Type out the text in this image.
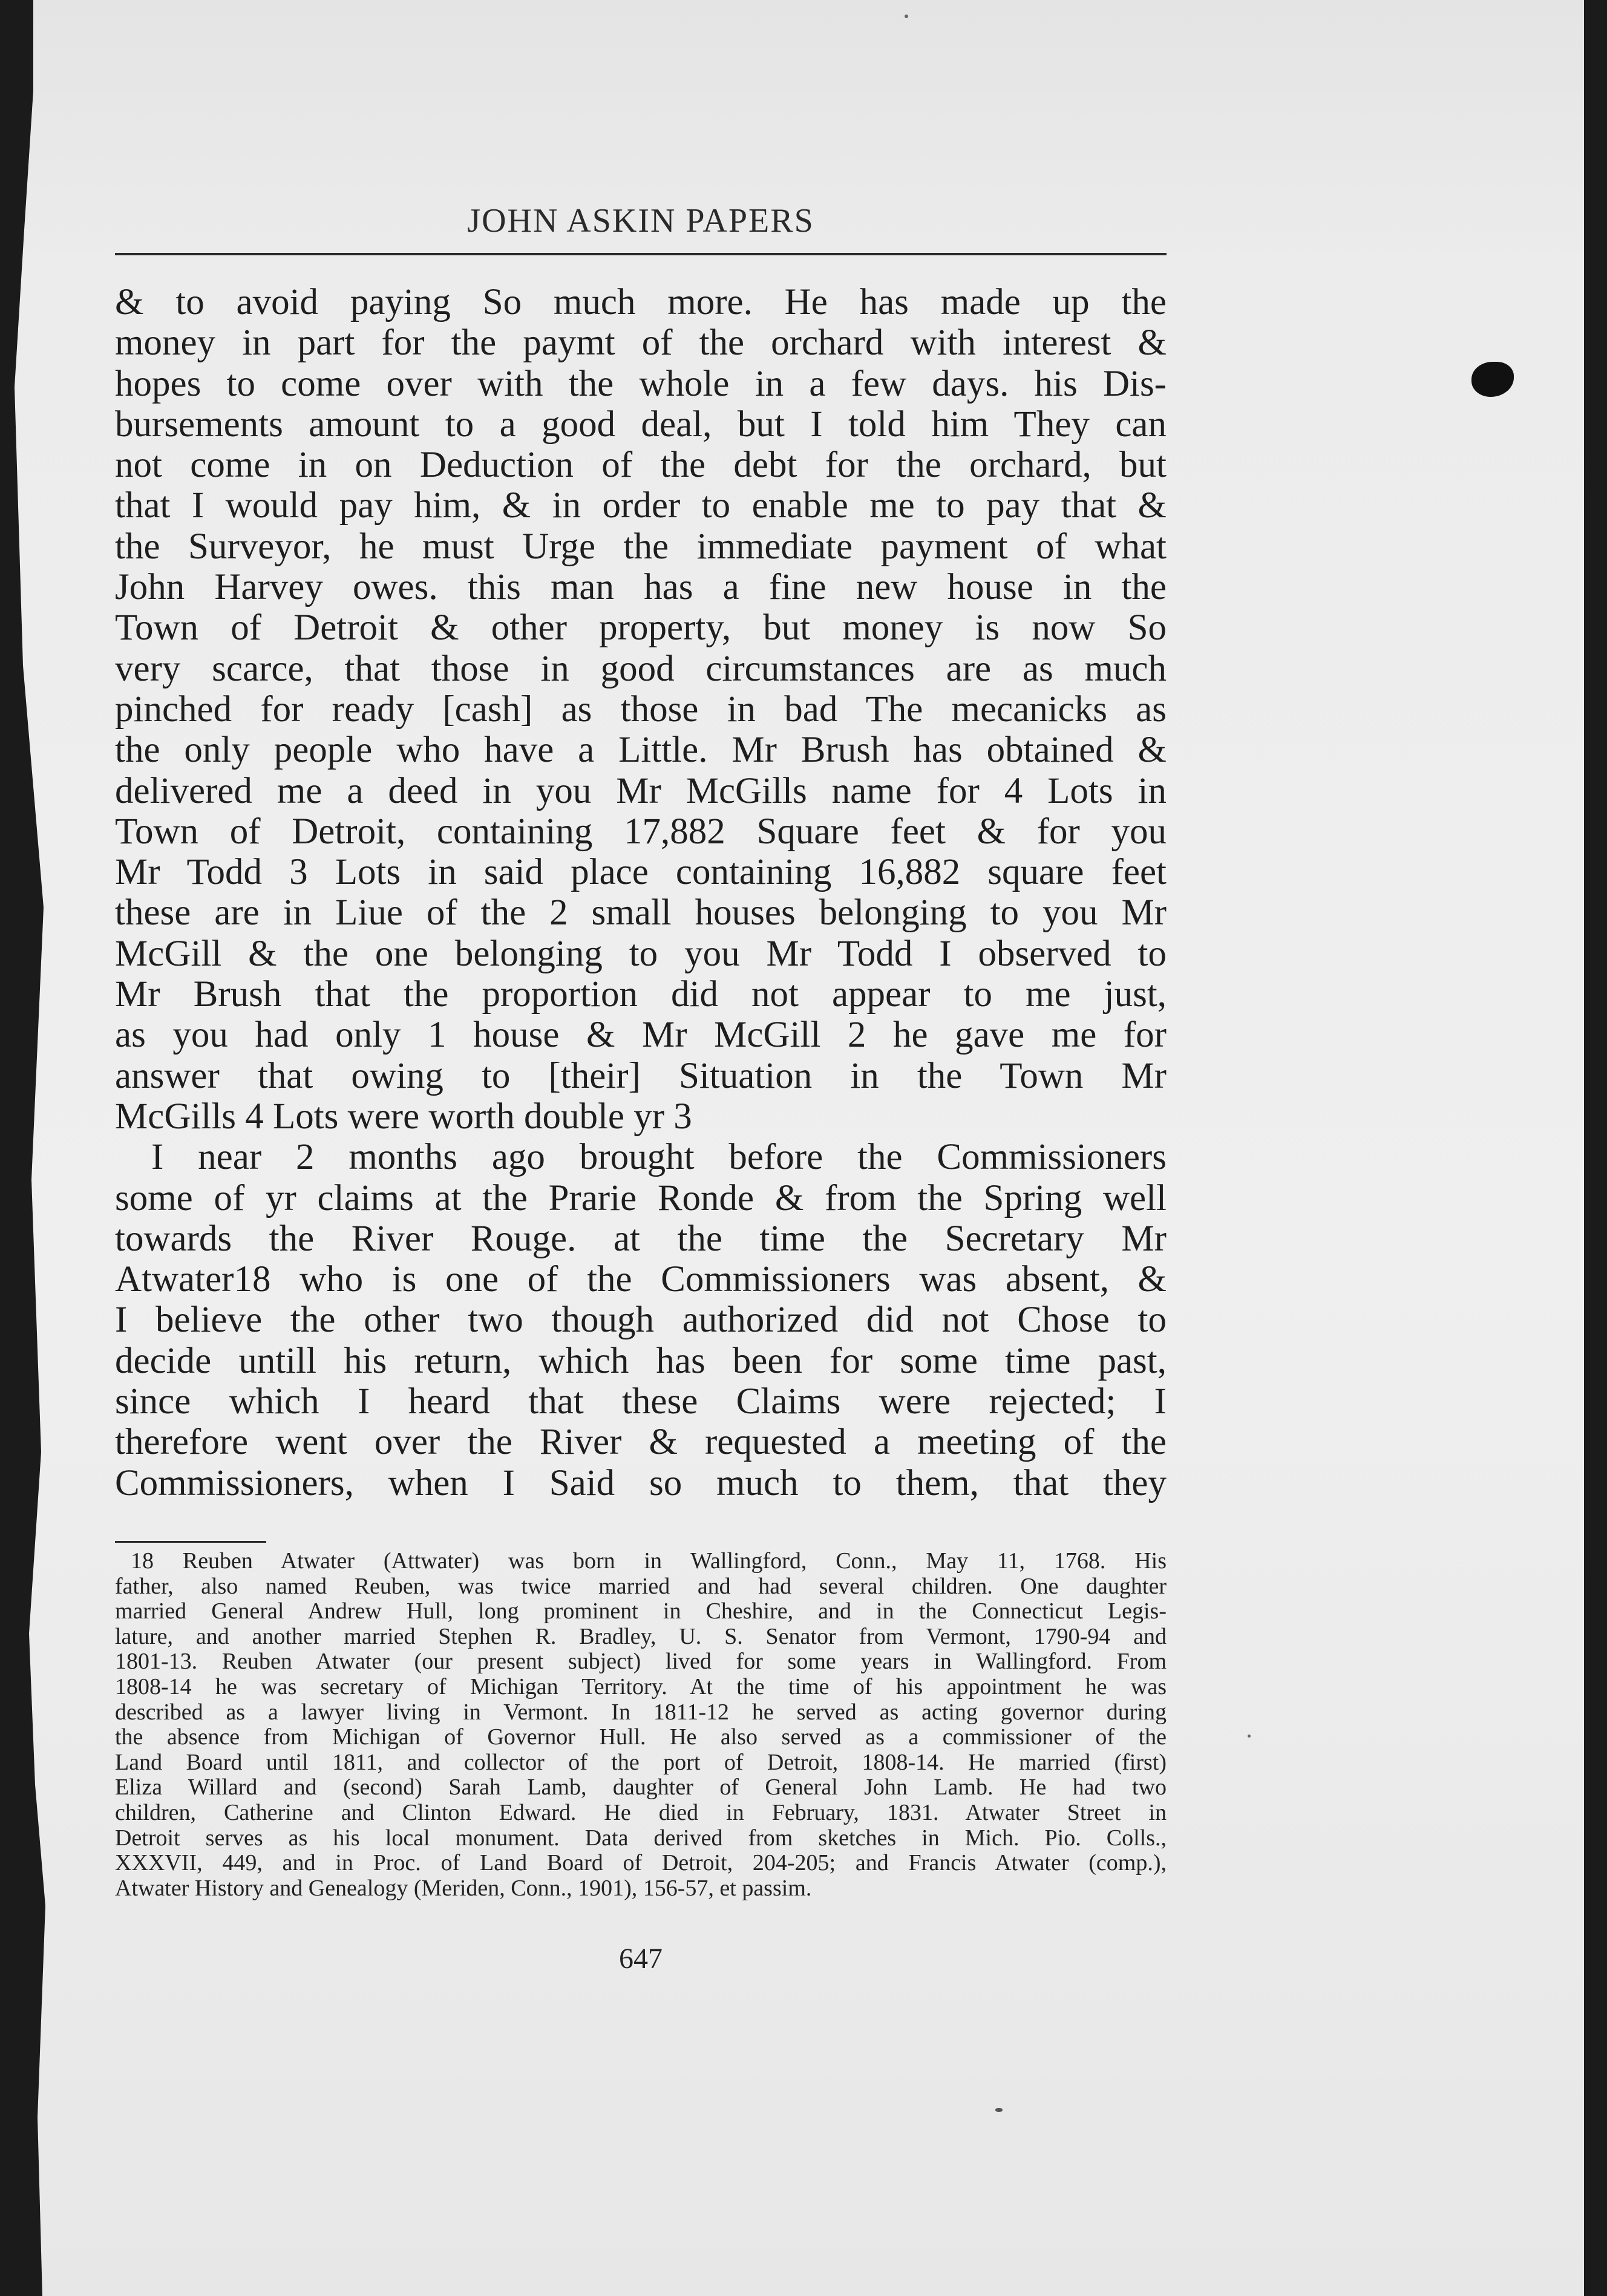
JOHN ASKIN PAPERS
& to avoid paying So much more. He has made up the
money in part for the paymt of the orchard with interest &
hopes to come over with the whole in a few days. his Dis-
bursements amount to a good deal, but I told him They can
not come in on Deduction of the debt for the orchard, but
that I would pay him, & in order to enable me to pay that &
the Surveyor, he must Urge the immediate payment of what
John Harvey owes. this man has a fine new house in the
Town of Detroit & other property, but money is now So
very scarce, that those in good circumstances are as much
pinched for ready [cash] as those in bad The mecanicks as
the only people who have a Little. Mr Brush has obtained &
delivered me a deed in you Mr McGills name for 4 Lots in
Town of Detroit, containing 17,882 Square feet & for you
Mr Todd 3 Lots in said place containing 16,882 square feet
these are in Liue of the 2 small houses belonging to you Mr
McGill & the one belonging to you Mr Todd I observed to
Mr Brush that the proportion did not appear to me just,
as you had only 1 house & Mr McGill 2 he gave me for
answer that owing to [their] Situation in the Town Mr
McGills 4 Lots were worth double yr 3
I near 2 months ago brought before the Commissioners
some of yr claims at the Prarie Ronde & from the Spring well
towards the River Rouge. at the time the Secretary Mr
Atwater18 who is one of the Commissioners was absent, &
I believe the other two though authorized did not Chose to
decide untill his return, which has been for some time past,
since which I heard that these Claims were rejected; I
therefore went over the River & requested a meeting of the
Commissioners, when I Said so much to them, that they
18 Reuben Atwater (Attwater) was born in Wallingford, Conn., May 11, 1768. His
father, also named Reuben, was twice married and had several children. One daughter
married General Andrew Hull, long prominent in Cheshire, and in the Connecticut Legis-
lature, and another married Stephen R. Bradley, U. S. Senator from Vermont, 1790-94 and
1801-13. Reuben Atwater (our present subject) lived for some years in Wallingford. From
1808-14 he was secretary of Michigan Territory. At the time of his appointment he was
described as a lawyer living in Vermont. In 1811-12 he served as acting governor during
the absence from Michigan of Governor Hull. He also served as a commissioner of the
Land Board until 1811, and collector of the port of Detroit, 1808-14. He married (first)
Eliza Willard and (second) Sarah Lamb, daughter of General John Lamb. He had two
children, Catherine and Clinton Edward. He died in February, 1831. Atwater Street in
Detroit serves as his local monument. Data derived from sketches in Mich. Pio. Colls.,
XXXVII, 449, and in Proc. of Land Board of Detroit, 204-205; and Francis Atwater (comp.),
Atwater History and Genealogy (Meriden, Conn., 1901), 156-57, et passim.
647
